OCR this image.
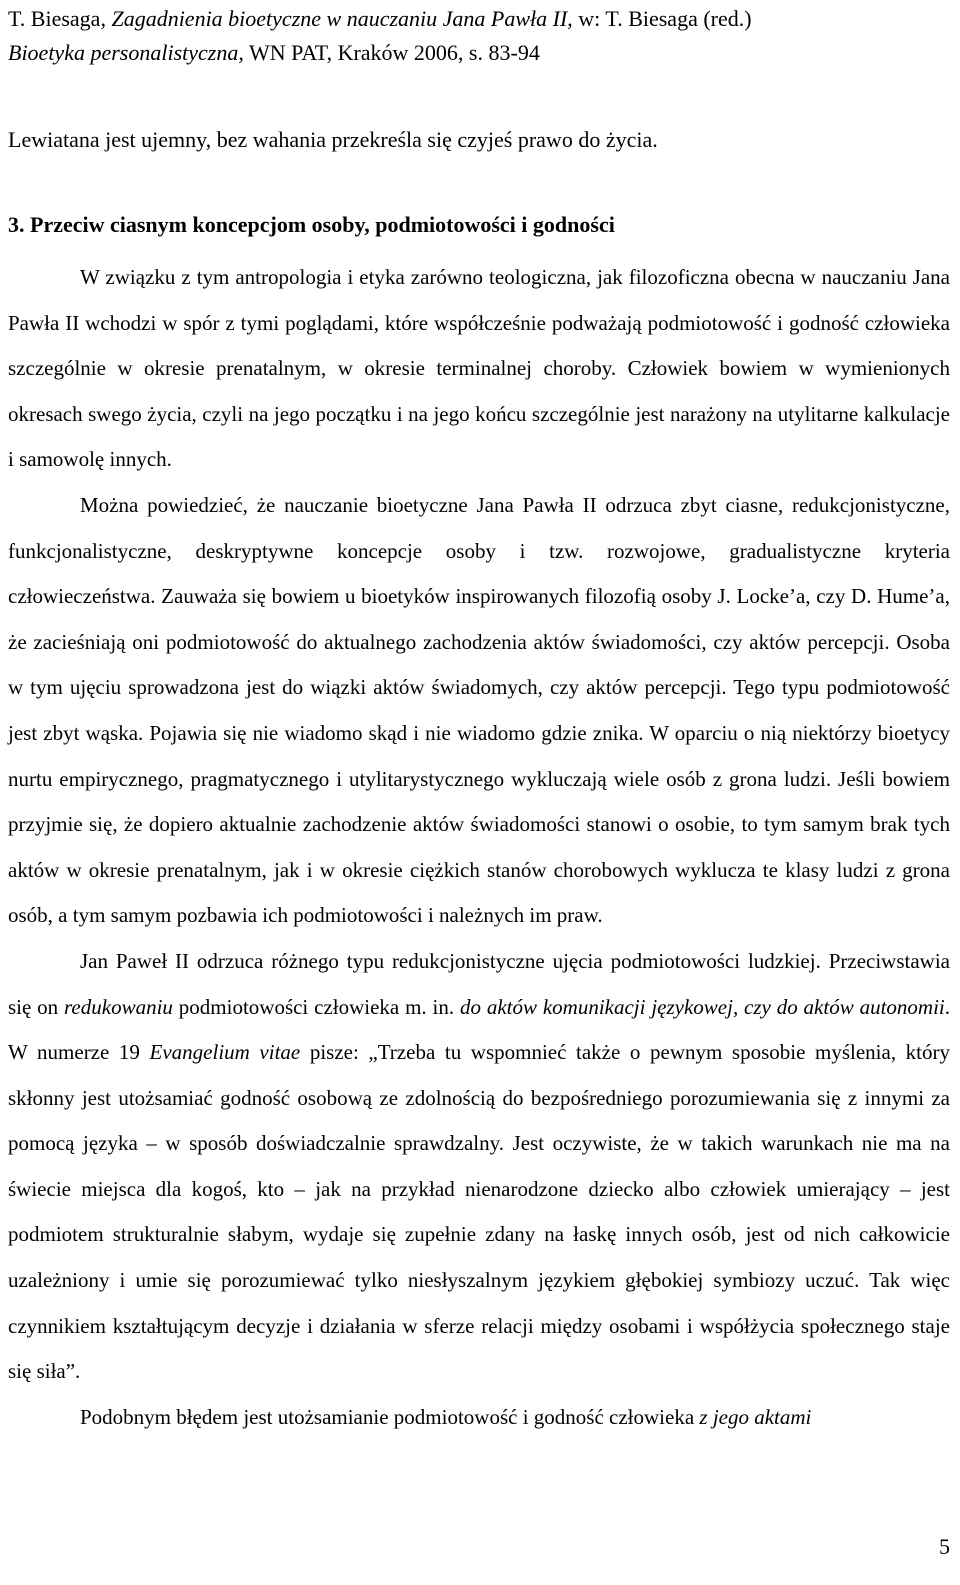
T. Biesaga, Zagadnienia bioetyczne w nauczaniu Jana Pawła II, w: T. Biesaga (red.)
Bioetyka personalistyczna, WN PAT, Kraków 2006, s. 83-94
Lewiatana jest ujemny, bez wahania przekreśla się czyjeś prawo do życia.
3. Przeciw ciasnym koncepcjom osoby, podmiotowości i godności

W związku z tym antropologia i etyka zarówno teologiczna, jak filozoficzna obecna w nauczaniu Jana Pawła II wchodzi w spór z tymi poglądami, które współcześnie podważają podmiotowość i godność człowieka szczególnie w okresie prenatalnym, w okresie terminalnej choroby. Człowiek bowiem w wymienionych okresach swego życia, czyli na jego początku i na jego końcu szczególnie jest narażony na utylitarne kalkulacje i samowolę innych.

Można powiedzieć, że nauczanie bioetyczne Jana Pawła II odrzuca zbyt ciasne, redukcjonistyczne, funkcjonalistyczne, deskryptywne koncepcje osoby i tzw. rozwojowe, gradualistyczne kryteria człowieczeństwa. Zauważa się bowiem u bioetyków inspirowanych filozofią osoby J. Locke’a, czy D. Hume’a, że zacieśniają oni podmiotowość do aktualnego zachodzenia aktów świadomości, czy aktów percepcji. Osoba w tym ujęciu sprowadzona jest do wiązki aktów świadomych, czy aktów percepcji. Tego typu podmiotowość jest zbyt wąska. Pojawia się nie wiadomo skąd i nie wiadomo gdzie znika. W oparciu o nią niektórzy bioetycy nurtu empirycznego, pragmatycznego i utylitarystycznego wykluczają wiele osób z grona ludzi. Jeśli bowiem przyjmie się, że dopiero aktualnie zachodzenie aktów świadomości stanowi o osobie, to tym samym brak tych aktów w okresie prenatalnym, jak i w okresie ciężkich stanów chorobowych wyklucza te klasy ludzi z grona osób, a tym samym pozbawia ich podmiotowości i należnych im praw.

Jan Paweł II odrzuca różnego typu redukcjonistyczne ujęcia podmiotowości ludzkiej. Przeciwstawia się on redukowaniu podmiotowości człowieka m. in. do aktów komunikacji językowej, czy do aktów autonomii. W numerze 19 Evangelium vitae pisze: „Trzeba tu wspomnieć także o pewnym sposobie myślenia, który skłonny jest utożsamiać godność osobową ze zdolnością do bezpośredniego porozumiewania się z innymi za pomocą języka – w sposób doświadczalnie sprawdzalny. Jest oczywiste, że w takich warunkach nie ma na świecie miejsca dla kogoś, kto – jak na przykład nienarodzone dziecko albo człowiek umierający – jest podmiotem strukturalnie słabym, wydaje się zupełnie zdany na łaskę innych osób, jest od nich całkowicie uzależniony i umie się porozumiewać tylko niesłyszalnym językiem głębokiej symbiozy uczuć. Tak więc czynnikiem kształtującym decyzje i działania w sferze relacji między osobami i współżycia społecznego staje się siła”.

Podobnym błędem jest utożsamianie podmiotowość i godność człowieka z jego aktami

5
